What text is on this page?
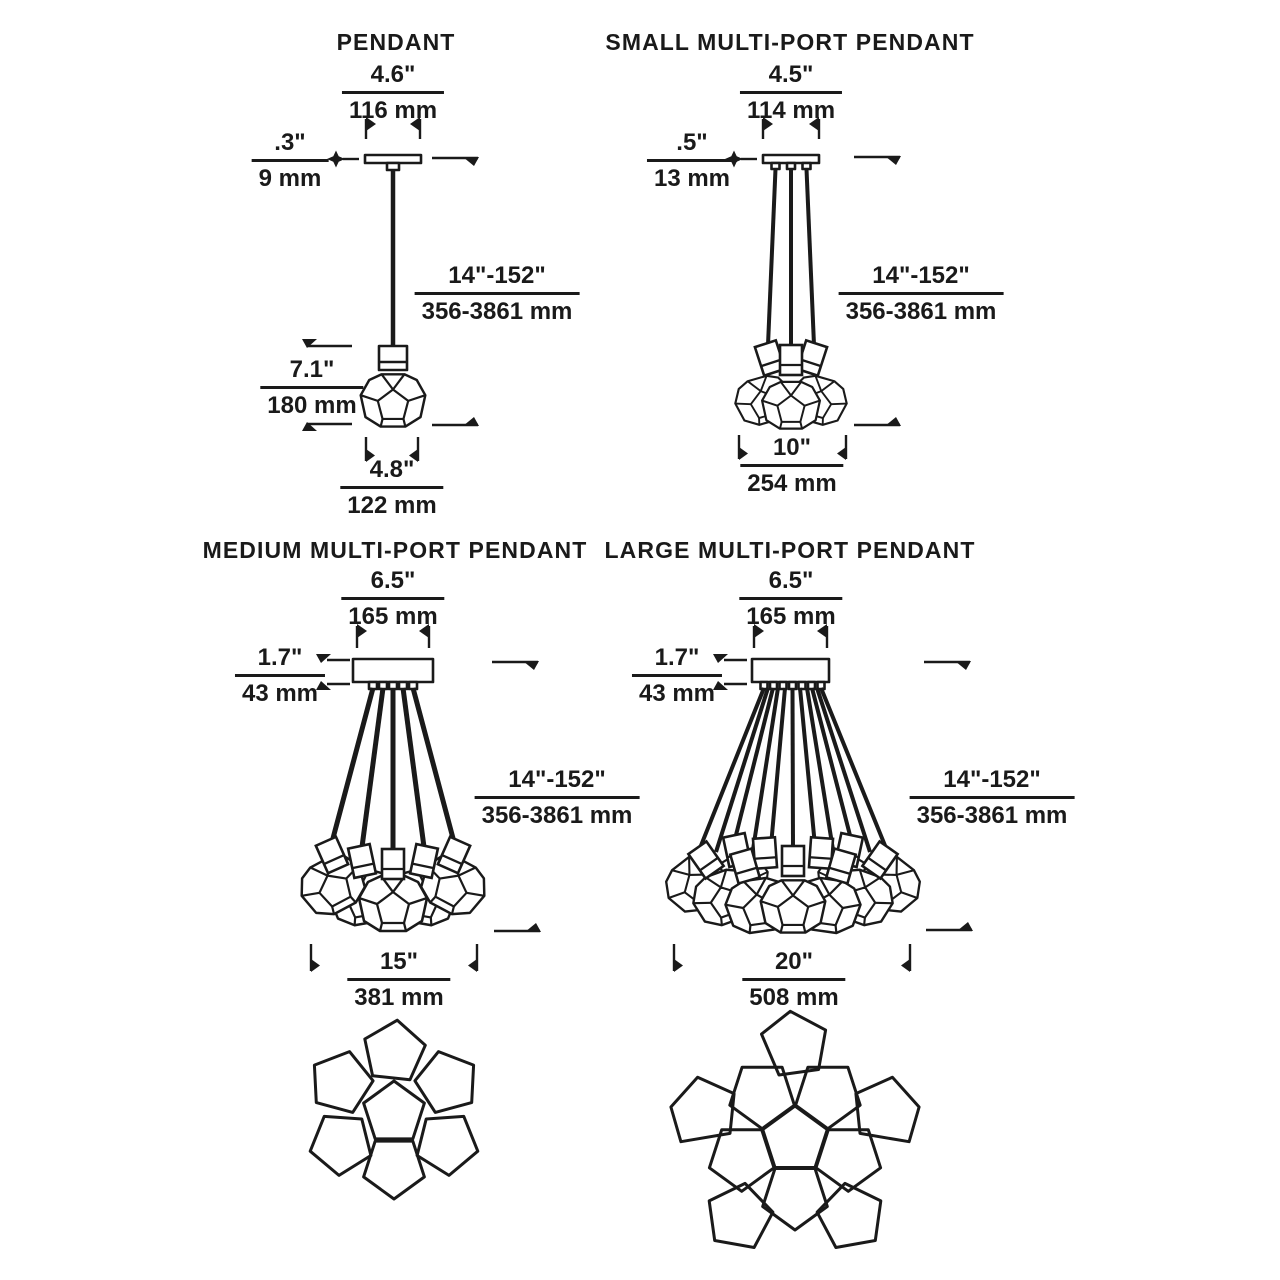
PENDANT	SMALL MULTI-PORT PENDANT
MEDIUM MULTI-PORT PENDANT LARGE MULTI-PORT PENDANT
4.6"
116 mm
.3"
9 mm
14"-152"
356-3861 mm
7.1"
180 mm
4.8"
122 mm
4.5"
114 mm
.5"
13 mm
14"-152"
356-3861 mm
10"
254 mm
6.5"
165 mm
1.7"
43 mm
14"-152"
356-3861 mm
15"
381 mm
6.5"
165 mm
1.7"
43 mm
14"-152"
356-3861 mm
20"
508 mm
